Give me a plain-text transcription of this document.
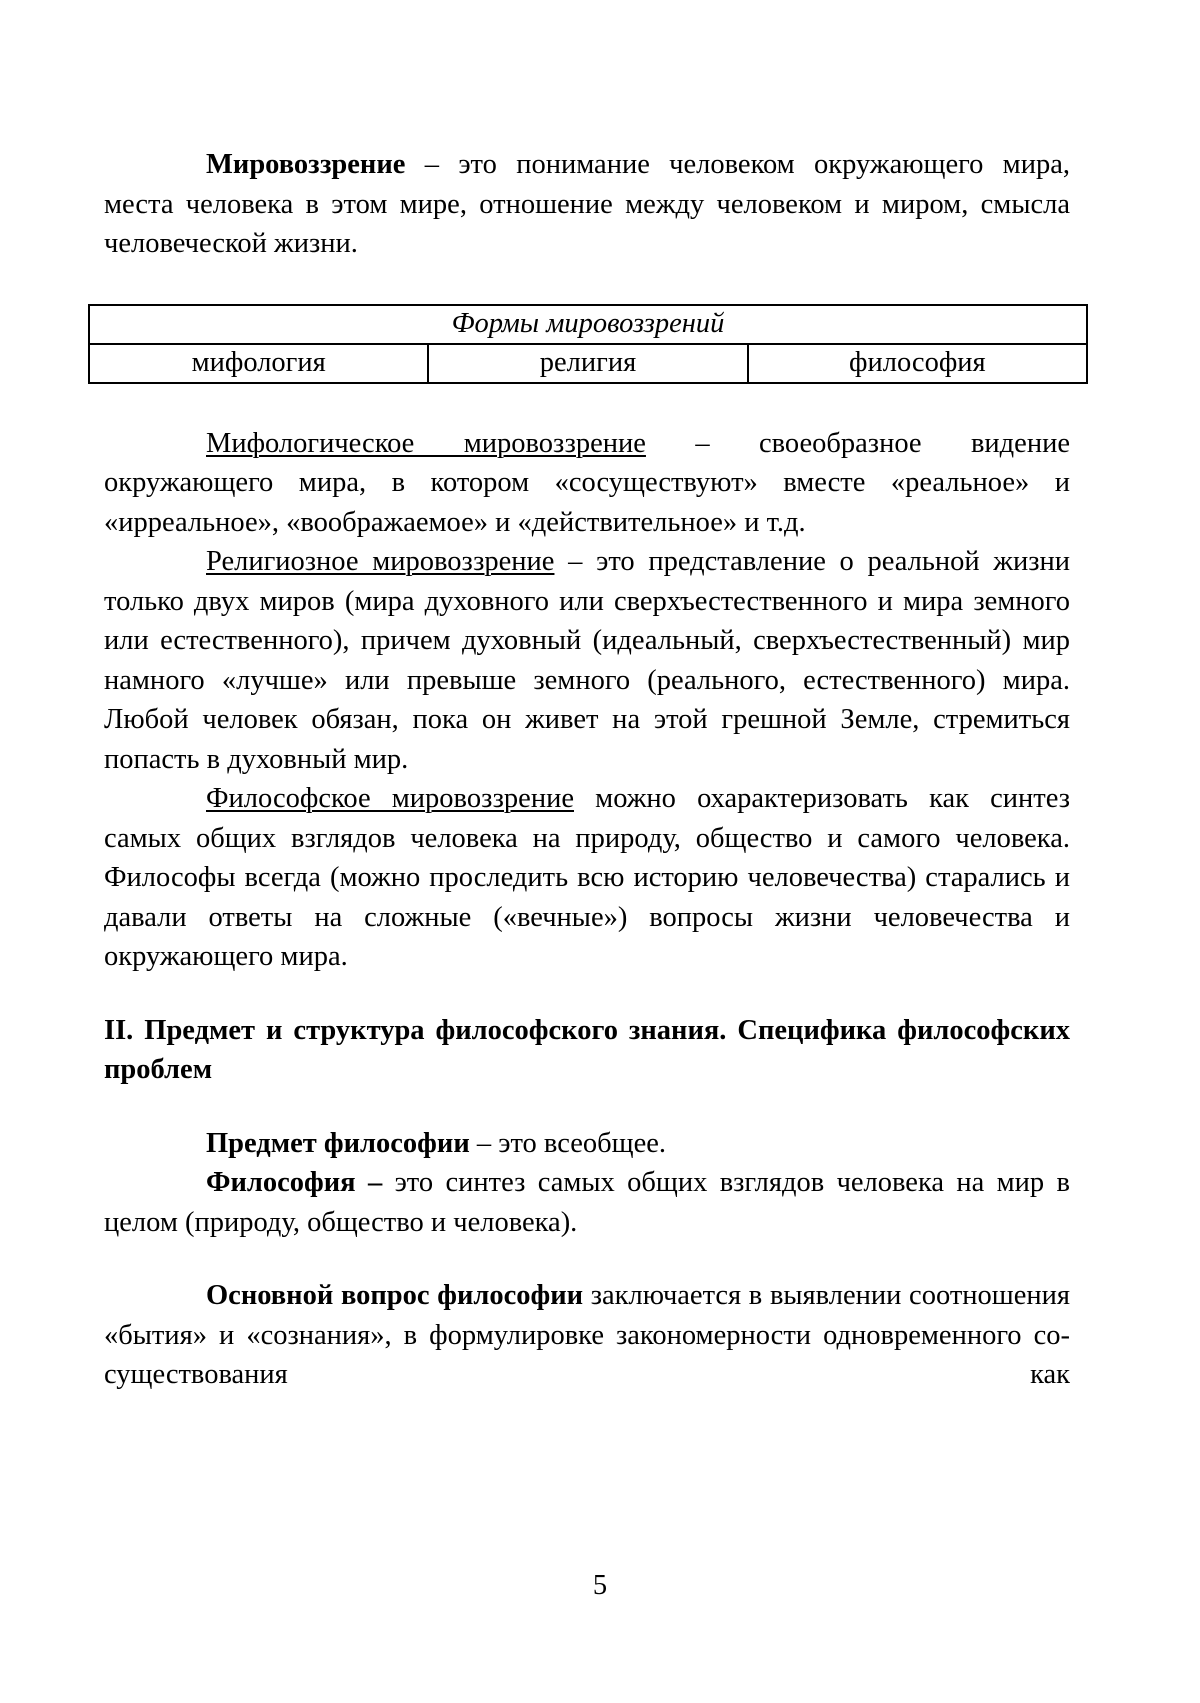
Мировоззрение – это понимание человеком окружающего мира, места человека в этом мире, отношение между человеком и миром, смысла человеческой жизни.

Формы мировоззрений
мифология	религия	философия

Мифологическое мировоззрение – своеобразное видение окружающего мира, в котором «сосуществуют» вместе «реальное» и «ирреальное», «воображаемое» и «действительное» и т.д.

Религиозное мировоззрение – это представление о реальной жизни только двух миров (мира духовного или сверхъестественного и мира земного или естественного), причем духовный (идеальный, сверхъестественный) мир намного «лучше» или превыше земного (реального, естественного) мира. Любой человек обязан, пока он живет на этой грешной Земле, стремиться попасть в духовный мир.

Философское мировоззрение можно охарактеризовать как синтез самых общих взглядов человека на природу, общество и самого человека. Философы всегда (можно проследить всю историю человечества) старались и давали ответы на сложные («вечные») вопросы жизни человечества и окружающего мира.

II. Предмет и структура философского знания. Специфика философских проблем

Предмет философии – это всеобщее.

Философия – это синтез самых общих взглядов человека на мир в целом (природу, общество и человека).

Основной вопрос философии заключается в выявлении соотношения «бытия» и «сознания», в формулировке закономерности одновременного со-существования как

5
